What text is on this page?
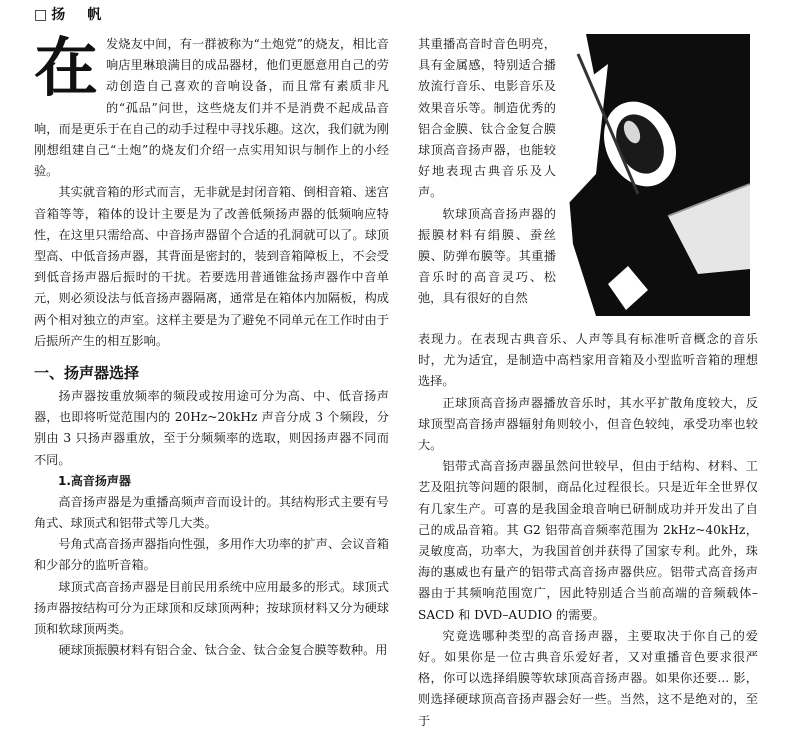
□扬　帆
在 发烧友中间，有一群被称为“土炮党”的烧友，相比音响店里琳琅满目的成品器材，他们更愿意用自己的劳动创造自己喜欢的音响设备，而且常有素质非凡的“孤品”问世，这些烧友们并不是消费不起成品音响，而是更乐于在自己的动手过程中寻找乐趣。这次，我们就为刚刚想组建自己“土炮”的烧友们介绍一点实用知识与制作上的小经验。

其实就音箱的形式而言，无非就是封闭音箱、倒相音箱、迷宫音箱等等，箱体的设计主要是为了改善低频扬声器的低频响应特性，在这里只需给高、中音扬声器留个合适的孔洞就可以了。球顶型高、中低音扬声器，其背面是密封的，装到音箱障板上，不会受到低音扬声器后振时的干扰。若要选用普通锥盆扬声器作中音单元，则必须设法与低音扬声器隔离，通常是在箱体内加隔板，构成两个相对独立的声室。这样主要是为了避免不同单元在工作时由于后振所产生的相互影响。

一、扬声器选择

扬声器按重放频率的频段或按用途可分为高、中、低音扬声器，也即将听觉范围内的 20Hz~20kHz 声音分成 3 个频段，分别由 3 只扬声器重放，至于分频频率的选取，则因扬声器不同而不同。

1.高音扬声器

高音扬声器是为重播高频声音而设计的。其结构形式主要有号角式、球顶式和铝带式等几大类。

号角式高音扬声器指向性强，多用作大功率的扩声、会议音箱和少部分的监听音箱。

球顶式高音扬声器是目前民用系统中应用最多的形式。球顶式扬声器按结构可分为正球顶和反球顶两种；按球顶材料又分为硬球顶和软球顶两类。

硬球顶振膜材料有铝合金、钛合金、钛合金复合膜等数种。用

其重播高音时音色明亮，具有金属感，特别适合播放流行音乐、电影音乐及效果音乐等。制造优秀的铝合金膜、钛合金复合膜球顶高音扬声器，也能较好地表现古典音乐及人声。

软球顶高音扬声器的振膜材料有绢膜、蚕丝膜、防弹布膜等。其重播音乐时的高音灵巧、松弛，具有很好的自然

表现力。在表现古典音乐、人声等具有标准听音概念的音乐时，尤为适宜，是制造中高档家用音箱及小型监听音箱的理想选择。

正球顶高音扬声器播放音乐时，其水平扩散角度较大，反球顶型高音扬声器辐射角则较小，但音色较纯，承受功率也较大。

铝带式高音扬声器虽然问世较早，但由于结构、材料、工艺及阻抗等问题的限制，商品化过程很长。只是近年全世界仅有几家生产。可喜的是我国金琅音响已研制成功并开发出了自己的成品音箱。其 G2 铝带高音频率范围为 2kHz~40kHz，灵敏度高，功率大，为我国首创并获得了国家专利。此外，珠海的惠威也有量产的铝带式高音扬声器供应。铝带式高音扬声器由于其频响范围宽广，因此特别适合当前高端的音频载体–SACD 和 DVD–AUDIO 的需要。

究竟选哪种类型的高音扬声器，主要取决于你自己的爱好。如果你是一位古典音乐爱好者，又对重播音色要求很严格，你可以选择绢膜等软球顶高音扬声器。如果你还要... 影，则选择硬球顶高音扬声器会好一些。当然，这不是绝对的，至于
